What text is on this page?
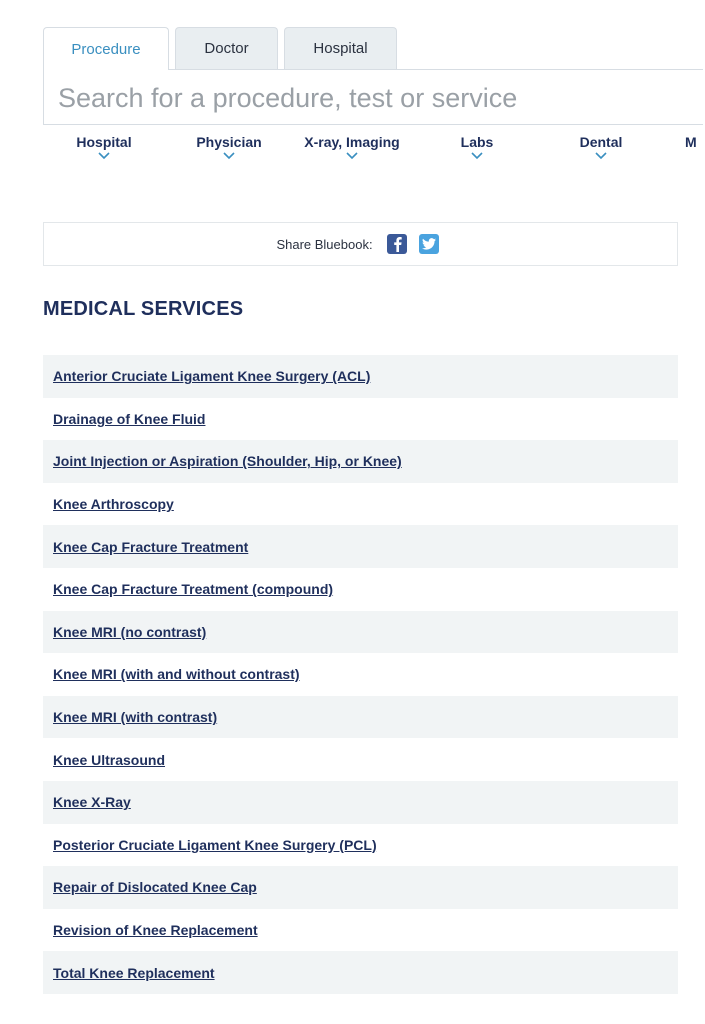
Procedure	Doctor	Hospital
Search for a procedure, test or service
Hospital	Physician	X-ray, Imaging	Labs	Dental	M
Share Bluebook:
MEDICAL SERVICES
Anterior Cruciate Ligament Knee Surgery (ACL)
Drainage of Knee Fluid
Joint Injection or Aspiration (Shoulder, Hip, or Knee)
Knee Arthroscopy
Knee Cap Fracture Treatment
Knee Cap Fracture Treatment (compound)
Knee MRI (no contrast)
Knee MRI (with and without contrast)
Knee MRI (with contrast)
Knee Ultrasound
Knee X-Ray
Posterior Cruciate Ligament Knee Surgery (PCL)
Repair of Dislocated Knee Cap
Revision of Knee Replacement
Total Knee Replacement
